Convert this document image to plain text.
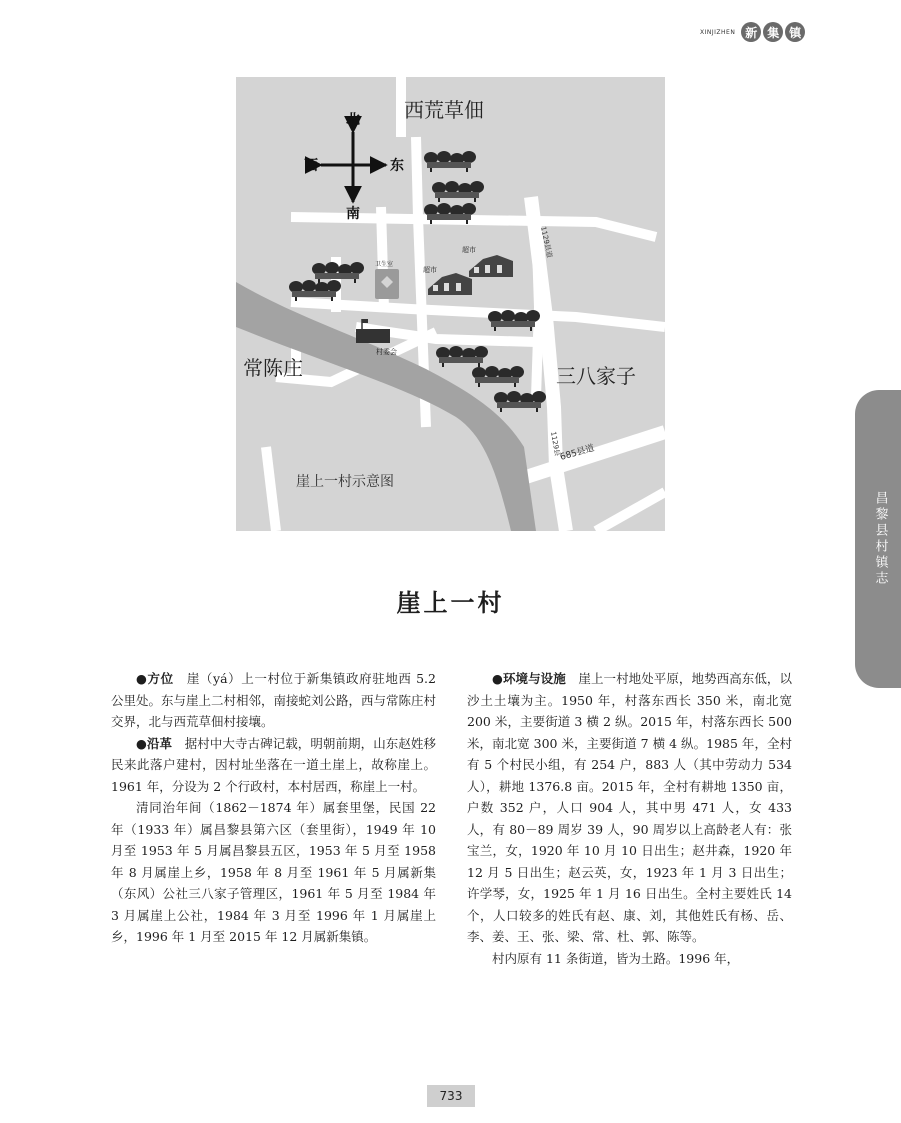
XINJIZHEN 新 集 镇
1129县道
1129县
685县道
北
南
西	东
西荒草佃
常陈庄	三八家子
卫生室
超市
超市
村委会
崖上一村示意图
崖上一村

●方位　 崖（yá）上一村位于新集镇政府驻地西 5.2 公里处。东与崖上二村相邻，南接蛇刘公路，西与常陈庄村交界，北与西荒草佃村接壤。

●沿革　 据村中大寺古碑记载，明朝前期，山东赵姓移民来此落户建村，因村址坐落在一道土崖上，故称崖上。1961 年，分设为 2 个行政村，本村居西，称崖上一村。

清同治年间（1862－1874 年）属套里堡，民国 22 年（1933 年）属昌黎县第六区（套里街），1949 年 10 月至 1953 年 5 月属昌黎县五区，1953 年 5 月至 1958 年 8 月属崖上乡，1958 年 8 月至 1961 年 5 月属新集（东风）公社三八家子管理区，1961 年 5 月至 1984 年 3 月属崖上公社，1984 年 3 月至 1996 年 1 月属崖上乡，1996 年 1 月至 2015 年 12 月属新集镇。

●环境与设施　 崖上一村地处平原，地势西高东低，以沙土土壤为主。1950 年，村落东西长 350 米，南北宽 200 米，主要街道 3 横 2 纵。2015 年，村落东西长 500 米，南北宽 300 米，主要街道 7 横 4 纵。1985 年，全村有 5 个村民小组，有 254 户，883 人（其中劳动力 534 人），耕地 1376.8 亩。2015 年，全村有耕地 1350 亩，户数 352 户，人口 904 人，其中男 471 人，女 433 人，有 80－89 周岁 39 人，90 周岁以上高龄老人有：张宝兰，女，1920 年 10 月 10 日出生；赵井森，1920 年 12 月 5 日出生；赵云英，女，1923 年 1 月 3 日出生；许学琴，女，1925 年 1 月 16 日出生。全村主要姓氏 14 个，人口较多的姓氏有赵、康、刘，其他姓氏有杨、岳、李、姜、王、张、梁、常、杜、郭、陈等。

村内原有 11 条街道，皆为土路。1996 年，

昌黎县村镇志
733
